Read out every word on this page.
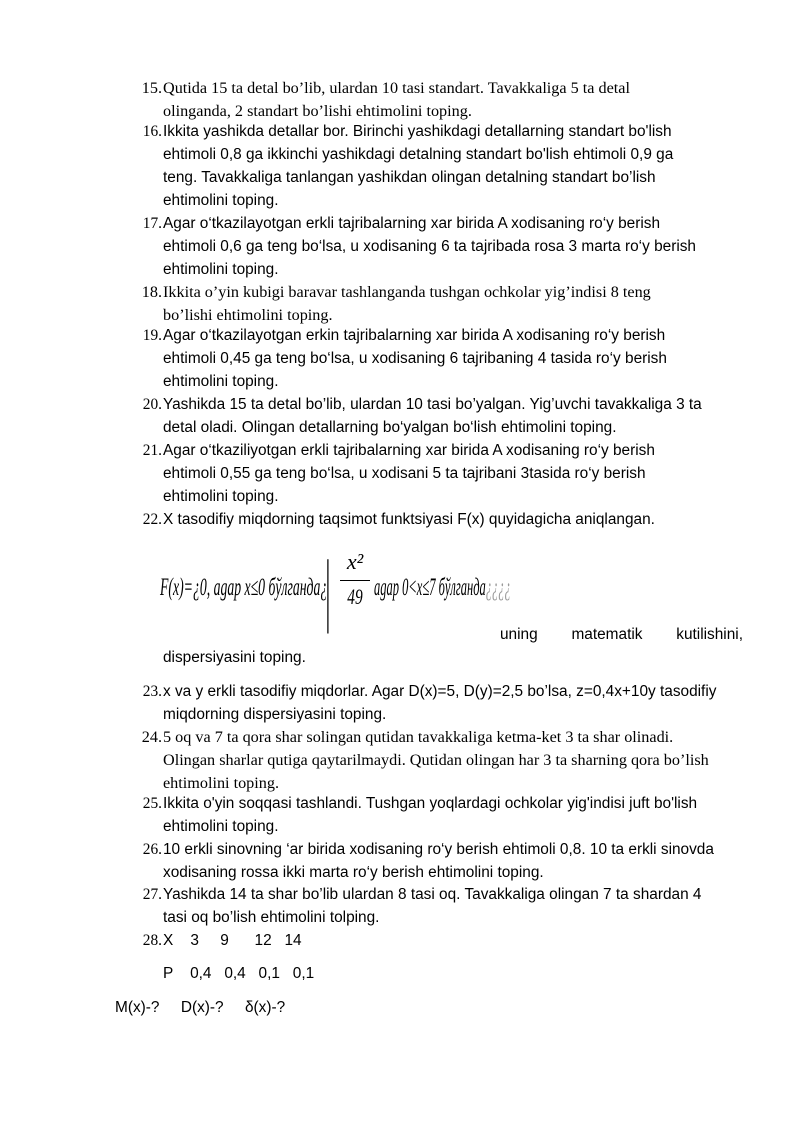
15. Qutida 15 ta detal bo’lib, ulardan 10 tasi standart. Tavakkaliga 5 ta detal
olinganda, 2 standart bo’lishi ehtimolini toping.
16. Ikkita yashikda detallar bor. Birinchi yashikdagi detallarning standart bo'lish
ehtimoli 0,8 ga ikkinchi yashikdagi detalning standart bo'lish ehtimoli 0,9 ga
teng. Tavakkaliga tanlangan yashikdan olingan detalning standart bo’lish
ehtimolini toping.
17. Agar o‘tkazilayotgan erkli tajribalarning xar birida A xodisaning ro‘y berish
ehtimoli 0,6 ga teng bo‘lsa, u xodisaning 6 ta tajribada rosa 3 marta ro‘y berish
ehtimolini toping.
18. Ikkita o’yin kubigi baravar tashlanganda tushgan ochkolar yig’indisi 8 teng
bo’lishi ehtimolini toping.
19. Agar o‘tkazilayotgan erkin tajribalarning xar birida A xodisaning ro‘y berish
ehtimoli 0,45 ga teng bo‘lsa, u xodisaning 6 tajribaning 4 tasida ro‘y berish
ehtimolini toping.
20. Yashikda 15 ta detal bo’lib, ulardan 10 tasi bo’yalgan. Yig’uvchi tavakkaliga 3 ta
detal oladi. Olingan detallarning bo‘yalgan bo‘lish ehtimolini toping.
21. Agar o‘tkaziliyotgan erkli tajribalarning xar birida A xodisaning ro‘y berish
ehtimoli 0,55 ga teng bo‘lsa, u xodisani 5 ta tajribani 3tasida ro‘y berish
ehtimolini toping.
22. X tasodifiy miqdorning taqsimot funktsiyasi F(x) quyidagicha aniqlangan.
F(x)=¿0, agap x≤0 бўлганда¿
| x²
49 agap 0<x≤7 бўлганда¿¿¿¿
uning matematik kutilishini,
dispersiyasini toping.
23. x va y erkli tasodifiy miqdorlar. Agar D(x)=5, D(y)=2,5 bo’lsa, z=0,4x+10y tasodifiy
miqdorning dispersiyasini toping.
24. 5 oq va 7 ta qora shar solingan qutidan tavakkaliga ketma-ket 3 ta shar olinadi.
Olingan sharlar qutiga qaytarilmaydi. Qutidan olingan har 3 ta sharning qora bo’lish
ehtimolini toping.
25. Ikkita o'yin soqqasi tashlandi. Tushgan yoqlardagi ochkolar yig'indisi juft bo'lish
ehtimolini toping.
26. 10 erkli sinovning ‘ar birida xodisaning ro‘y berish ehtimoli 0,8. 10 ta erkli sinovda
xodisaning rossa ikki marta ro‘y berish ehtimolini toping.
27. Yashikda 14 ta shar bo’lib ulardan 8 tasi oq. Tavakkaliga olingan 7 ta shardan 4
tasi oq bo’lish ehtimolini tolping.
28. X    3     9      12   14
P    0,4   0,4   0,1   0,1
M(x)-?     D(x)-?     δ(x)-?
